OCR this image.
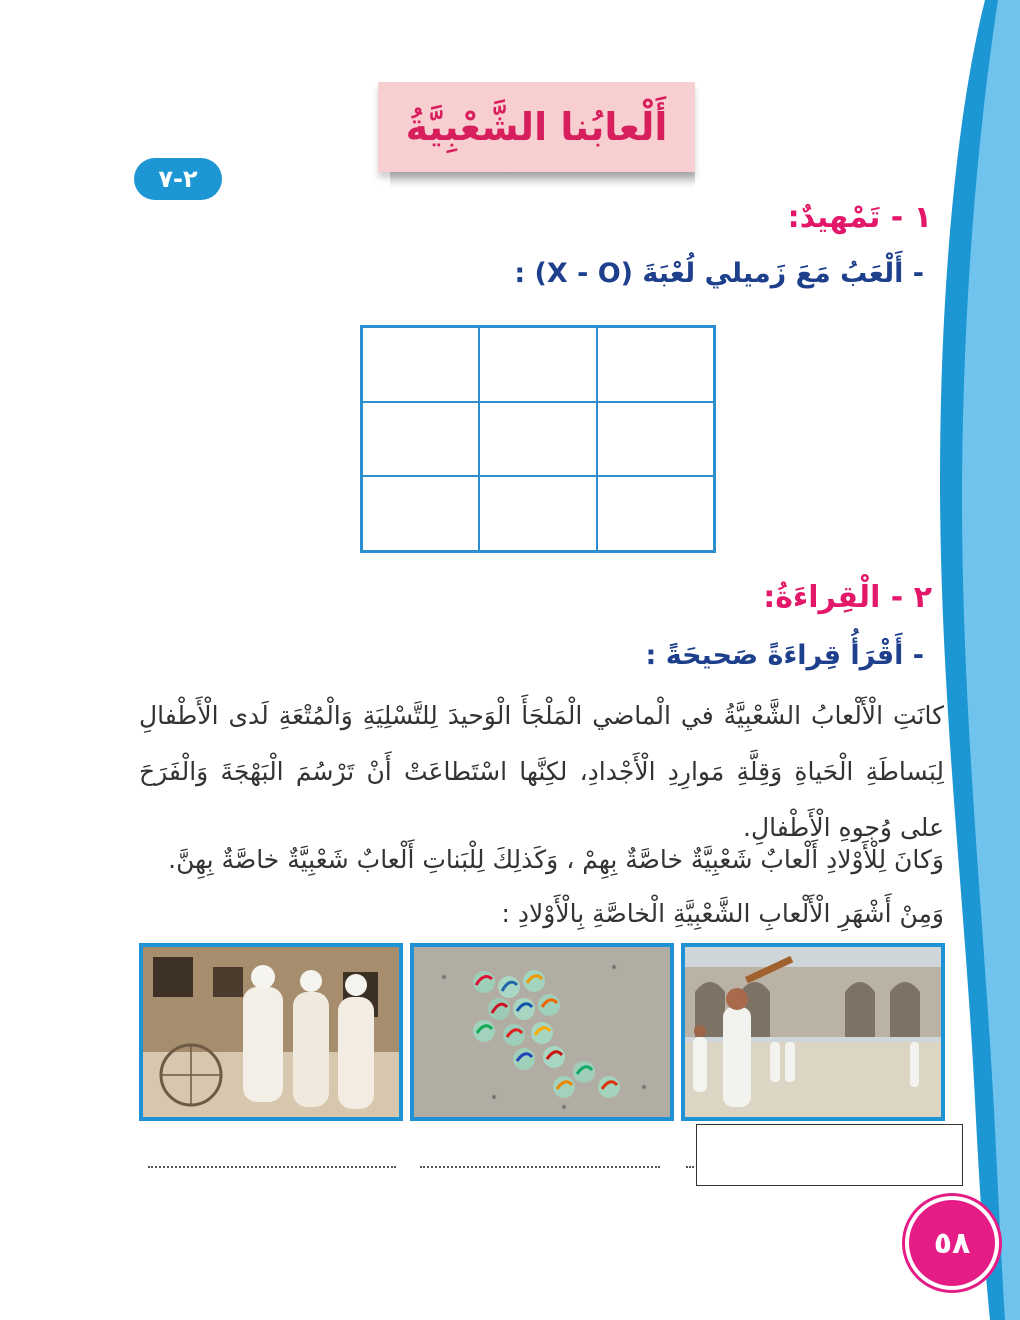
أَلْعابُنا الشَّعْبِيَّةُ
٢-٧
١ - تَمْهيدٌ:
- أَلْعَبُ مَعَ زَميلي لُعْبَةَ (X - O) :
٢ - الْقِراءَةُ:
- أَقْرَأُ قِراءَةً صَحيحَةً :
كانَتِ الْأَلْعابُ الشَّعْبِيَّةُ في الْماضي الْمَلْجَأَ الْوَحيدَ لِلتَّسْلِيَةِ وَالْمُتْعَةِ لَدى الْأَطْفالِ لِبَساطَةِ الْحَياةِ وَقِلَّةِ مَوارِدِ الْأَجْدادِ، لكِنَّها اسْتَطاعَتْ أَنْ تَرْسُمَ الْبَهْجَةَ وَالْفَرَحَ على وُجوهِ الْأَطْفالِ.
وَكانَ لِلْأَوْلادِ أَلْعابٌ شَعْبِيَّةٌ خاصَّةٌ بِهِمْ ، وَكَذلِكَ لِلْبَناتِ أَلْعابٌ شَعْبِيَّةٌ خاصَّةٌ بِهِنَّ.
وَمِنْ أَشْهَرِ الْأَلْعابِ الشَّعْبِيَّةِ الْخاصَّةِ بِالْأَوْلادِ :
٥٨
